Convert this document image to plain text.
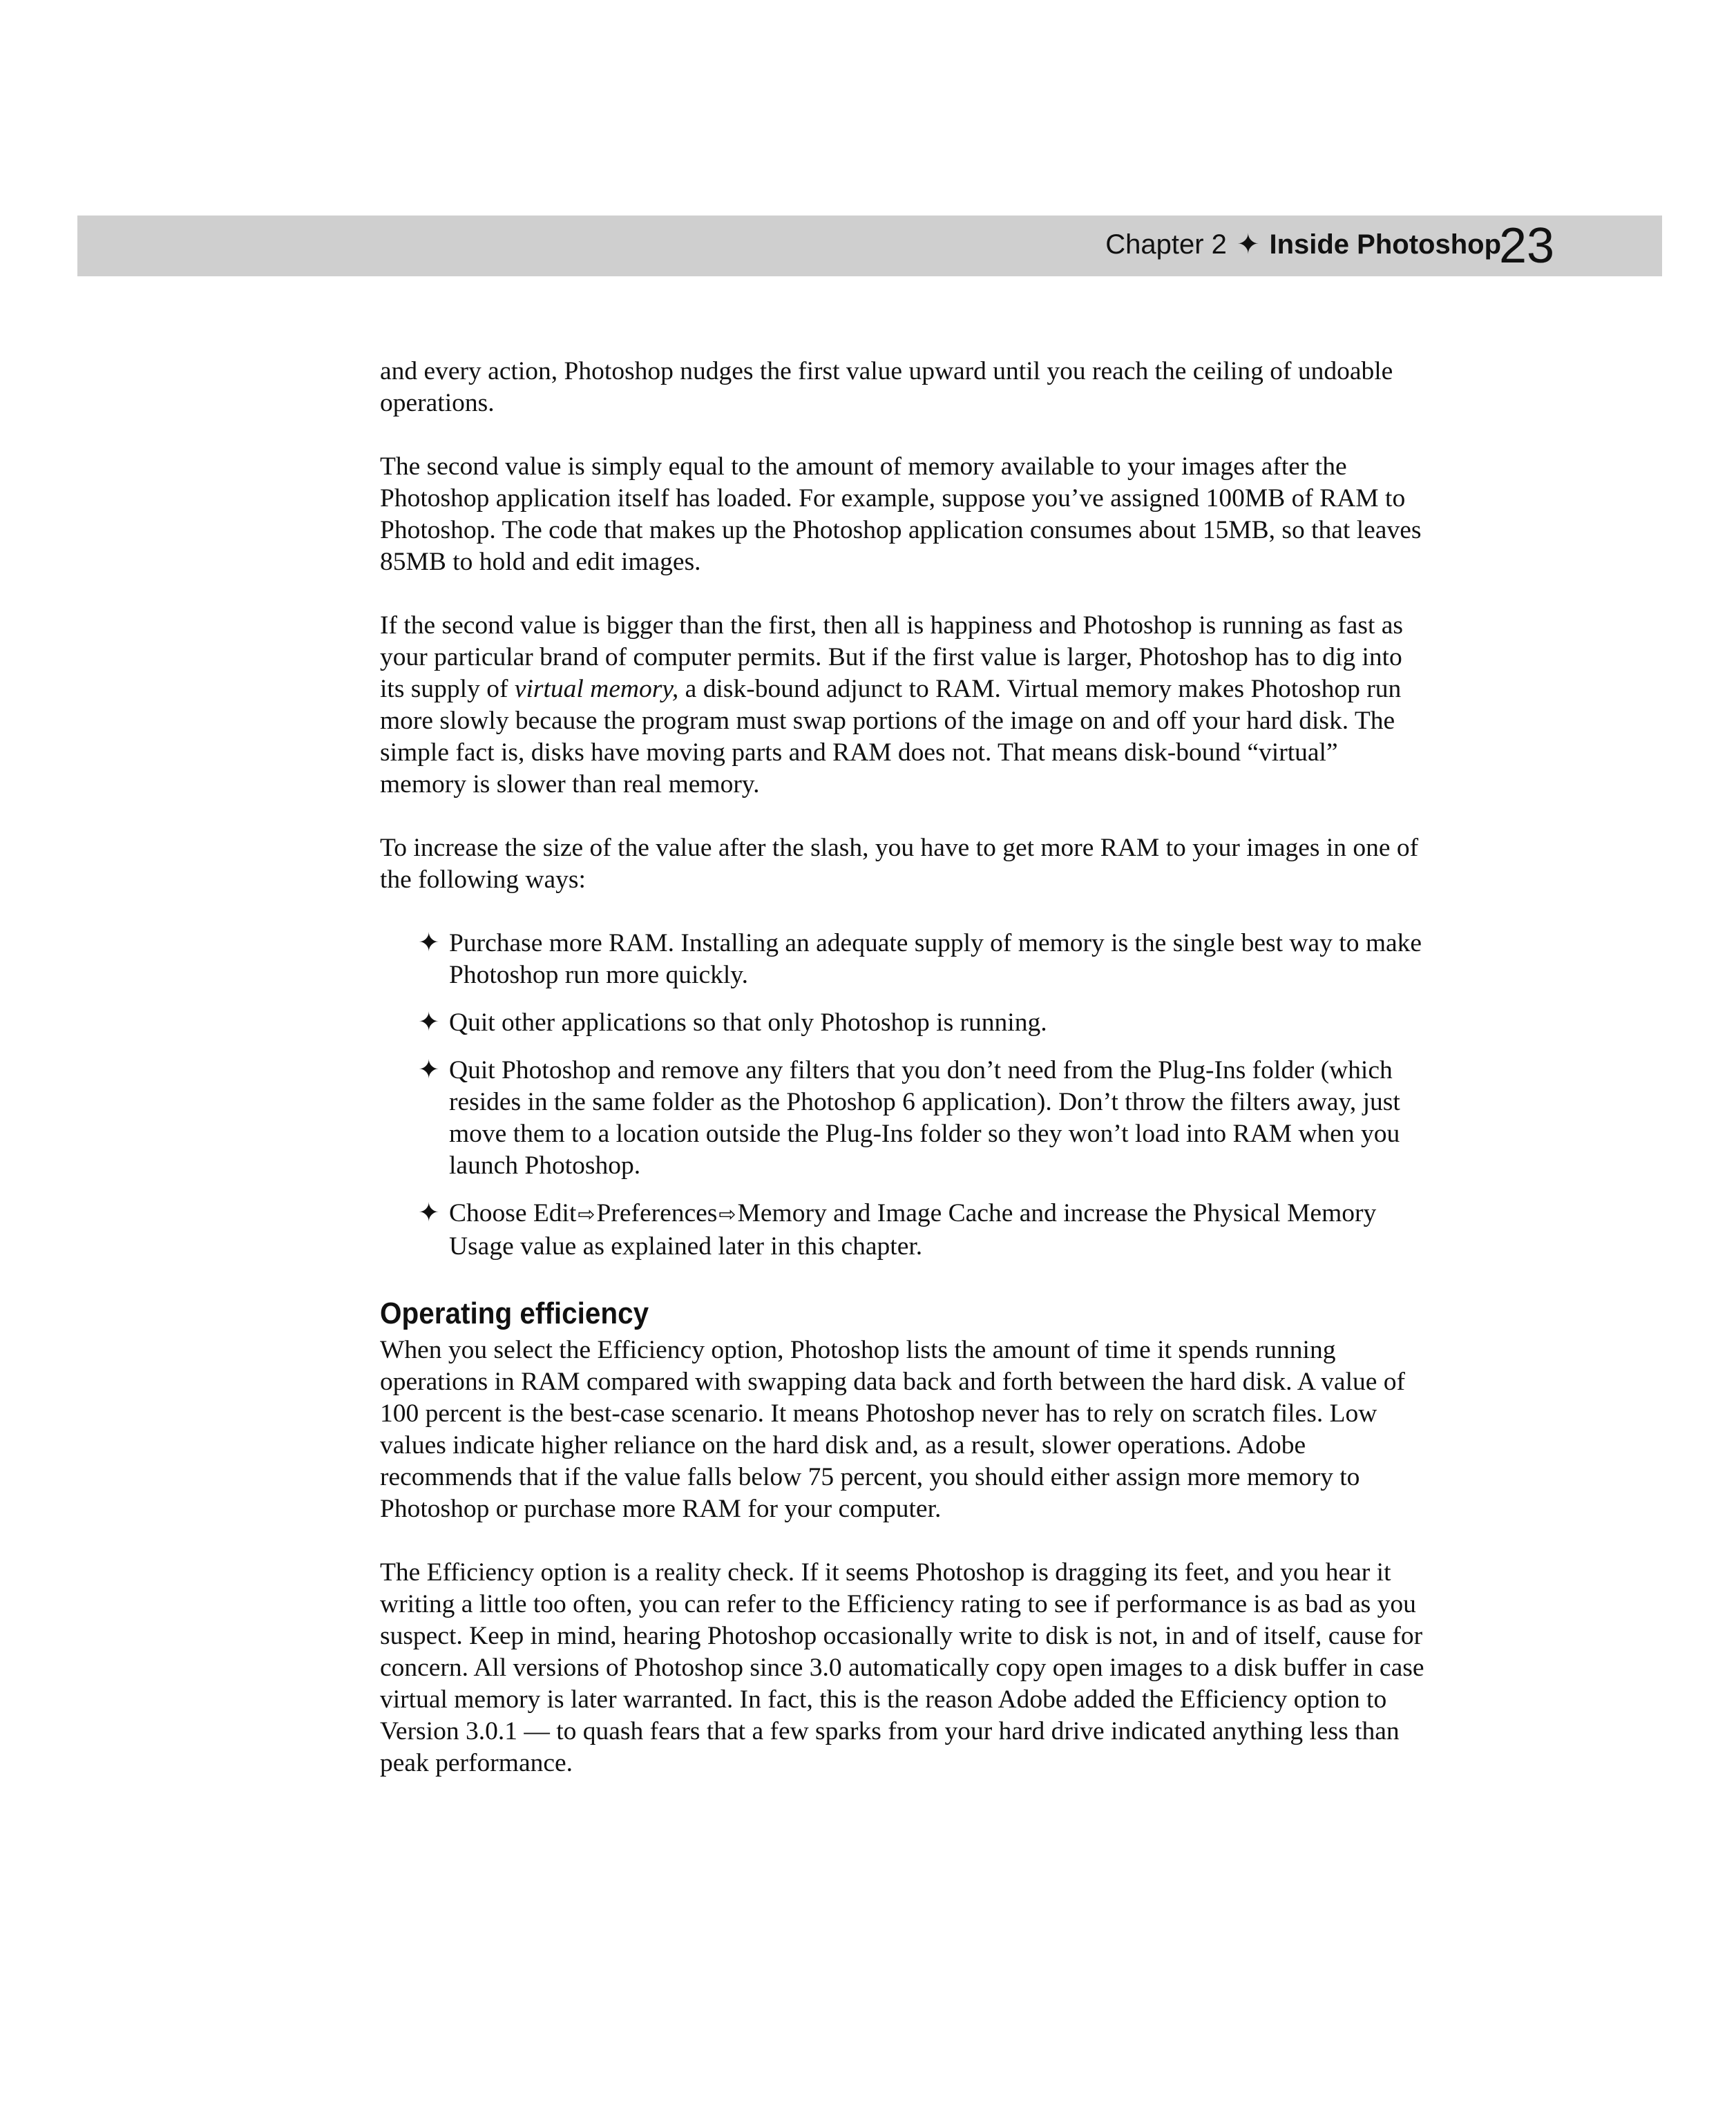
Chapter 2 ✦ Inside Photoshop
23

and every action, Photoshop nudges the first value upward until you reach the ceiling of undoable operations.

The second value is simply equal to the amount of memory available to your images after the Photoshop application itself has loaded. For example, suppose you’ve assigned 100MB of RAM to Photoshop. The code that makes up the Photoshop application consumes about 15MB, so that leaves 85MB to hold and edit images.

If the second value is bigger than the first, then all is happiness and Photoshop is running as fast as your particular brand of computer permits. But if the first value is larger, Photoshop has to dig into its supply of virtual memory, a disk-bound adjunct to RAM. Virtual memory makes Photoshop run more slowly because the program must swap portions of the image on and off your hard disk. The simple fact is, disks have moving parts and RAM does not. That means disk-bound “virtual” memory is slower than real memory.

To increase the size of the value after the slash, you have to get more RAM to your images in one of the following ways:

✦ Purchase more RAM. Installing an adequate supply of memory is the single best way to make Photoshop run more quickly.
✦ Quit other applications so that only Photoshop is running.
✦ Quit Photoshop and remove any filters that you don’t need from the Plug-Ins folder (which resides in the same folder as the Photoshop 6 application). Don’t throw the filters away, just move them to a location outside the Plug-Ins folder so they won’t load into RAM when you launch Photoshop.
✦ Choose Edit⇨Preferences⇨Memory and Image Cache and increase the Physical Memory Usage value as explained later in this chapter.
Operating efficiency

When you select the Efficiency option, Photoshop lists the amount of time it spends running operations in RAM compared with swapping data back and forth between the hard disk. A value of 100 percent is the best-case scenario. It means Photoshop never has to rely on scratch files. Low values indicate higher reliance on the hard disk and, as a result, slower operations. Adobe recommends that if the value falls below 75 percent, you should either assign more memory to Photoshop or purchase more RAM for your computer.

The Efficiency option is a reality check. If it seems Photoshop is dragging its feet, and you hear it writing a little too often, you can refer to the Efficiency rating to see if performance is as bad as you suspect. Keep in mind, hearing Photoshop occasionally write to disk is not, in and of itself, cause for concern. All versions of Photoshop since 3.0 automatically copy open images to a disk buffer in case virtual memory is later warranted. In fact, this is the reason Adobe added the Efficiency option to Version 3.0.1 — to quash fears that a few sparks from your hard drive indicated anything less than peak performance.
